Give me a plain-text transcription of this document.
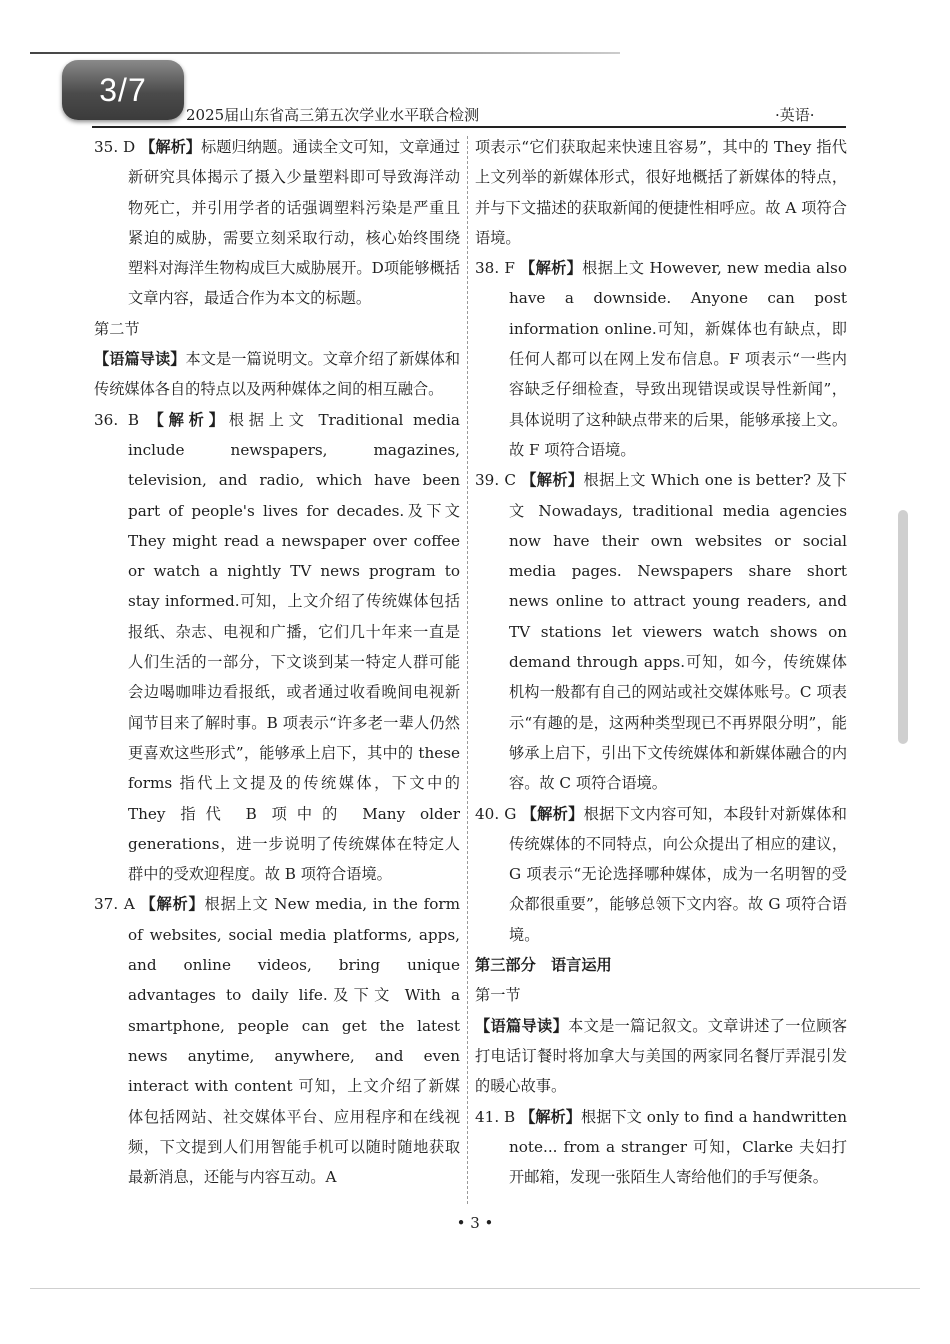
3/7
2025届山东省高三第五次学业水平联合检测	·英语·

35. D 【解析】标题归纳题。通读全文可知，文章通过新研究具体揭示了摄入少量塑料即可导致海洋动物死亡，并引用学者的话强调塑料污染是严重且紧迫的威胁，需要立刻采取行动，核心始终围绕塑料对海洋生物构成巨大威胁展开。D项能够概括文章内容，最适合作为本文的标题。

第二节

【语篇导读】本文是一篇说明文。文章介绍了新媒体和传统媒体各自的特点以及两种媒体之间的相互融合。

36. B 【解析】根据上文 Traditional media include newspapers, magazines, television, and radio, which have been part of people's lives for decades.及下文 They might read a newspaper over coffee or watch a nightly TV news program to stay informed.可知，上文介绍了传统媒体包括报纸、杂志、电视和广播，它们几十年来一直是人们生活的一部分，下文谈到某一特定人群可能会边喝咖啡边看报纸，或者通过收看晚间电视新闻节目来了解时事。B 项表示“许多老一辈人仍然更喜欢这些形式”，能够承上启下，其中的 these forms 指代上文提及的传统媒体，下文中的 They 指代 B 项中的 Many older generations，进一步说明了传统媒体在特定人群中的受欢迎程度。故 B 项符合语境。

37. A 【解析】根据上文 New media, in the form of websites, social media platforms, apps, and online videos, bring unique advantages to daily life.及下文 With a smartphone, people can get the latest news anytime, anywhere, and even interact with content 可知，上文介绍了新媒体包括网站、社交媒体平台、应用程序和在线视频，下文提到人们用智能手机可以随时随地获取最新消息，还能与内容互动。A

项表示“它们获取起来快速且容易”，其中的 They 指代上文列举的新媒体形式，很好地概括了新媒体的特点，并与下文描述的获取新闻的便捷性相呼应。故 A 项符合语境。

38. F 【解析】根据上文 However, new media also have a downside. Anyone can post information online.可知，新媒体也有缺点，即任何人都可以在网上发布信息。F 项表示“一些内容缺乏仔细检查，导致出现错误或误导性新闻”，具体说明了这种缺点带来的后果，能够承接上文。故 F 项符合语境。

39. C 【解析】根据上文 Which one is better? 及下文 Nowadays, traditional media agencies now have their own websites or social media pages. Newspapers share short news online to attract young readers, and TV stations let viewers watch shows on demand through apps.可知，如今，传统媒体机构一般都有自己的网站或社交媒体账号。C 项表示“有趣的是，这两种类型现已不再界限分明”，能够承上启下，引出下文传统媒体和新媒体融合的内容。故 C 项符合语境。

40. G 【解析】根据下文内容可知，本段针对新媒体和传统媒体的不同特点，向公众提出了相应的建议，G 项表示“无论选择哪种媒体，成为一名明智的受众都很重要”，能够总领下文内容。故 G 项符合语境。

第三部分　语言运用

第一节

【语篇导读】本文是一篇记叙文。文章讲述了一位顾客打电话订餐时将加拿大与美国的两家同名餐厅弄混引发的暖心故事。

41. B 【解析】根据下文 only to find a handwritten note... from a stranger 可知，Clarke 夫妇打开邮箱，发现一张陌生人寄给他们的手写便条。

• 3 •
